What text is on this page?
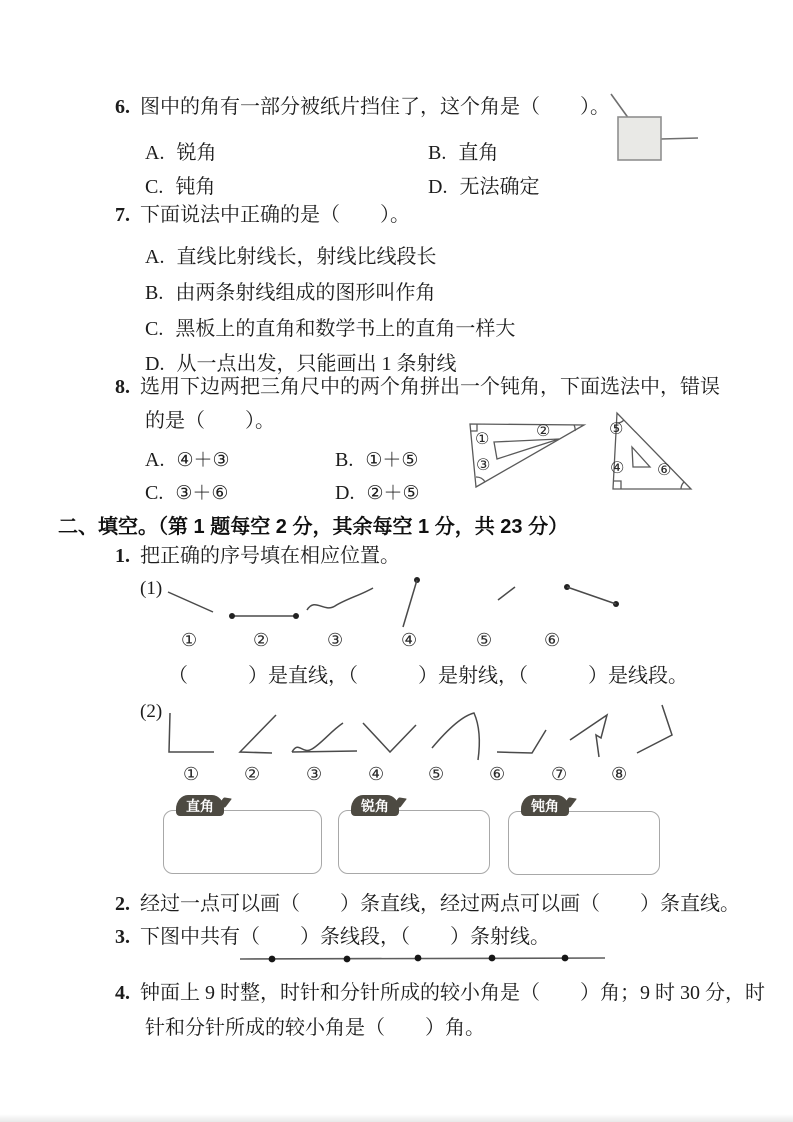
6. 图中的角有一部分被纸片挡住了，这个角是（　　）。
A. 锐角	B. 直角
C. 钝角	D. 无法确定
7. 下面说法中正确的是（　　）。
A. 直线比射线长，射线比线段长
B. 由两条射线组成的图形叫作角
C. 黑板上的直角和数学书上的直角一样大
D. 从一点出发，只能画出 1 条射线
8. 选用下边两把三角尺中的两个角拼出一个钝角，下面选法中，错误
的是（　　）。
A. ④＋③	B. ①＋⑤
C. ③＋⑥	D. ②＋⑤
①	②
③
⑤
④ ⑥
二、填空。（第 1 题每空 2 分，其余每空 1 分，共 23 分）
1. 把正确的序号填在相应位置。
(1)
①	②	③	④	⑤	⑥
（　　　）是直线，（　　　）是射线，（　　　）是线段。
(2)
① ②	③	④ ⑤ ⑥	⑦ ⑧
直角	锐角	钝角
2. 经过一点可以画（　　）条直线，经过两点可以画（　　）条直线。
3. 下图中共有（　　）条线段，（　　）条射线。
4. 钟面上 9 时整，时针和分针所成的较小角是（　　）角；9 时 30 分，时
针和分针所成的较小角是（　　）角。
